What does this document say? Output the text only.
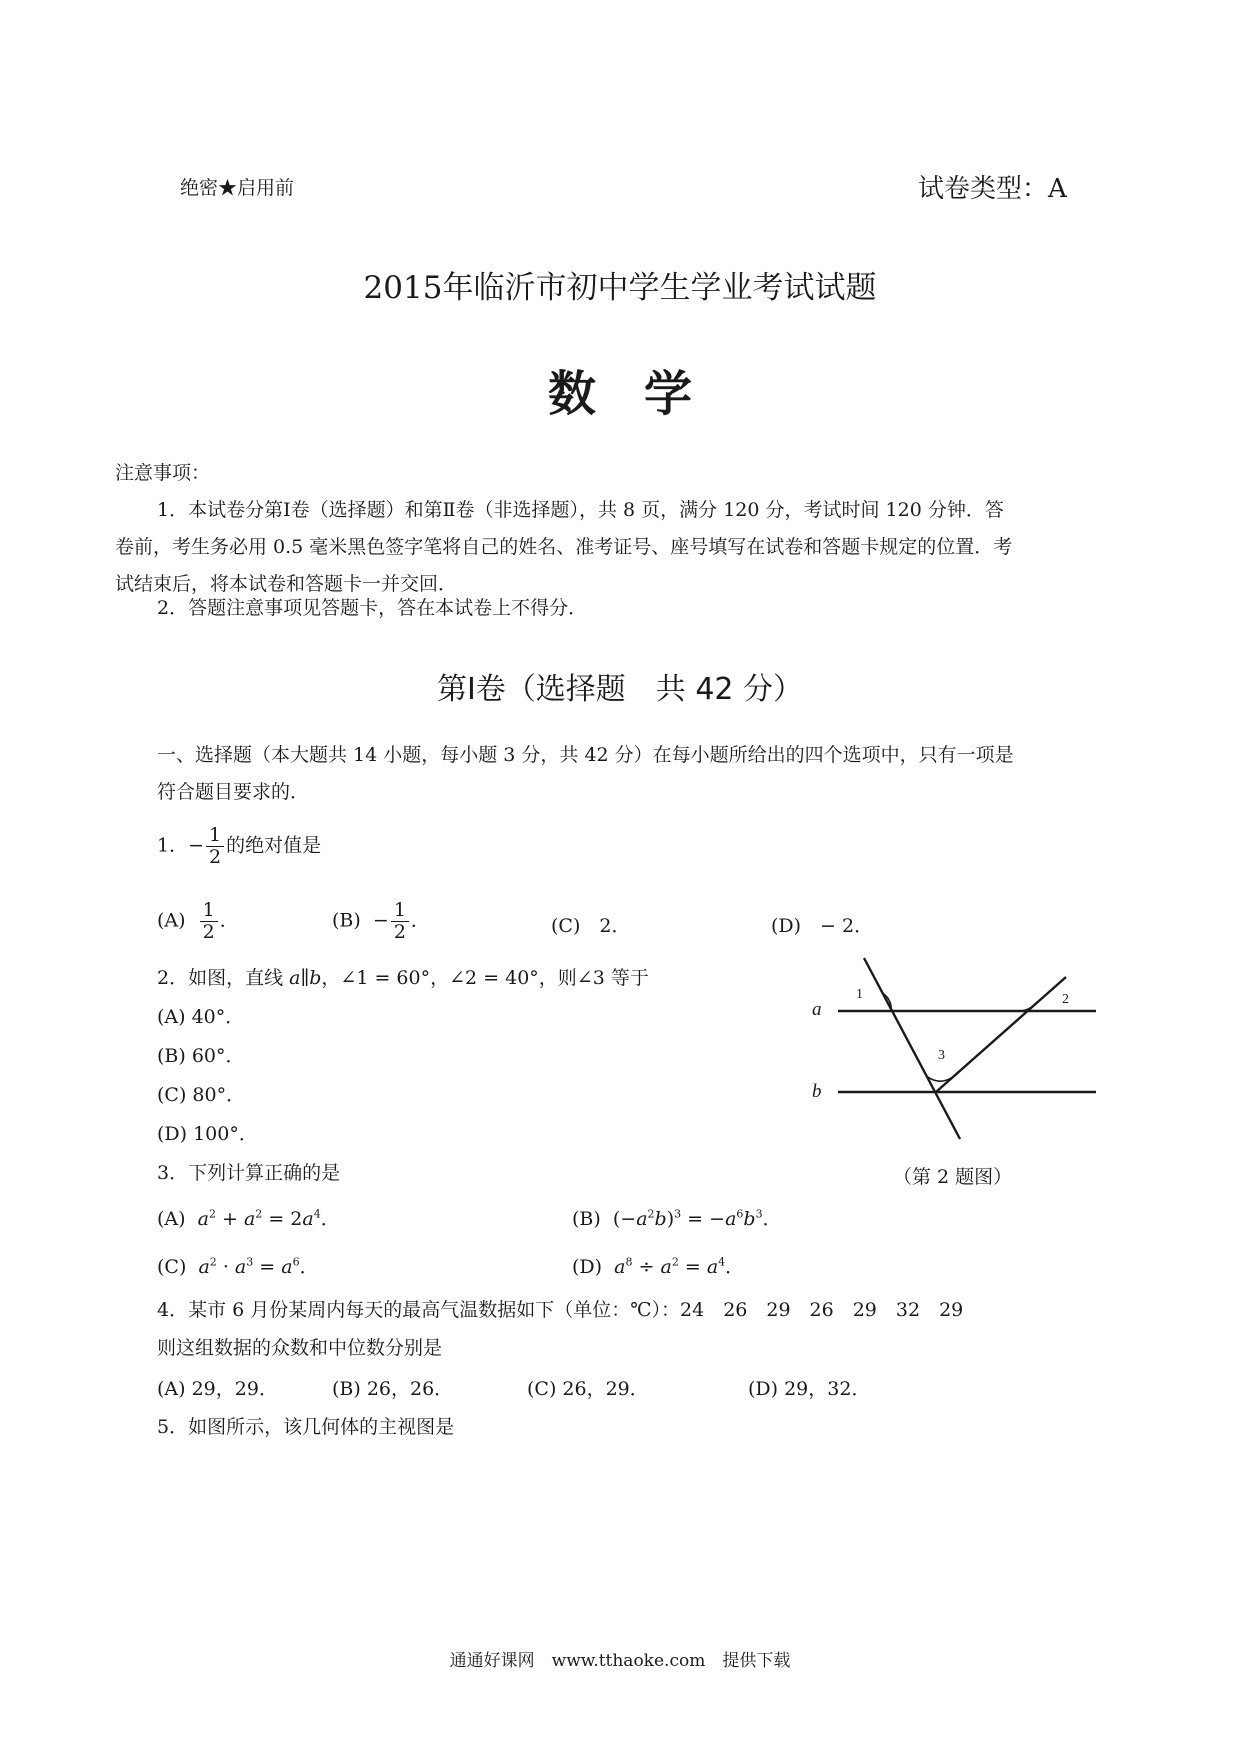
绝密★启用前	试卷类型：A
2015年临沂市初中学生学业考试试题
数　学
注意事项：
1．本试卷分第Ⅰ卷（选择题）和第Ⅱ卷（非选择题），共 8 页，满分 120 分，考试时间 120 分钟．答
卷前，考生务必用 0.5 毫米黑色签字笔将自己的姓名、准考证号、座号填写在试卷和答题卡规定的位置．考
试结束后，将本试卷和答题卡一并交回．
2．答题注意事项见答题卡，答在本试卷上不得分．
第Ⅰ卷（选择题　共 42 分）
一、选择题（本大题共 14 小题，每小题 3 分，共 42 分）在每小题所给出的四个选项中，只有一项是
符合题目要求的．
1．− $\frac{1}{2}$ 的绝对值是
$(A) \frac{1}{2}$ ．	$(B) - \frac{1}{2}$ ．	(C)　2．	(D)　− 2．
2．如图，直线 a∥b，∠1 = 60°，∠2 = 40°，则∠3 等于
(A) 40°．
(B) 60°．
(C) 80°．
(D) 100°．
a
b
1	2
3
（第 2 题图）
3．下列计算正确的是
(A) $a^2 + a^2 = 2a^4$．	(B)  $(-a^2b)^3 = -a^6b^3$．
(C) $a^2 \cdot a^3 = a^6$．	(D) $a^8 \div a^2 = a^4$．
4．某市 6 月份某周内每天的最高气温数据如下（单位：℃）：24　26　29　26　29　32　29
则这组数据的众数和中位数分别是
(A) 29，29．	(B) 26，26．	(C) 26，29．	(D) 29，32．
5．如图所示，该几何体的主视图是
通通好课网　www.tthaoke.com　提供下载
